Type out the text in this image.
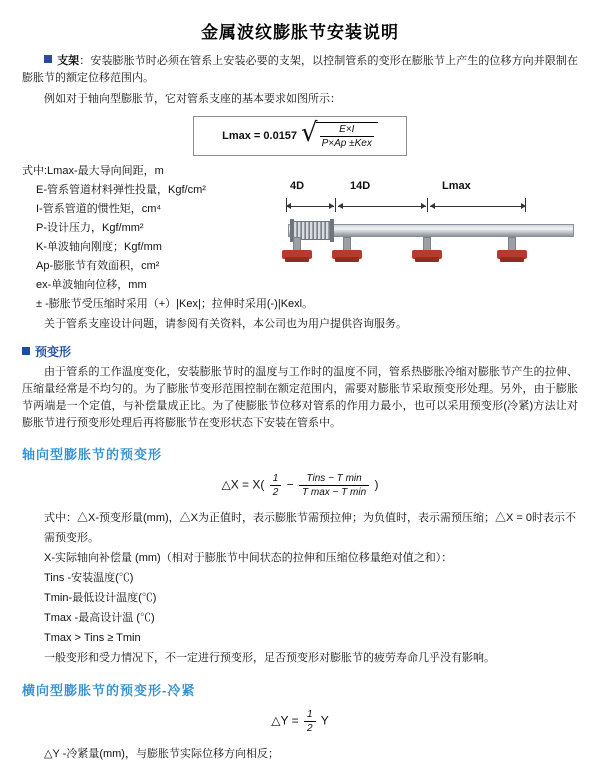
金属波纹膨胀节安装说明

支架：安装膨胀节时必须在管系上安装必要的支架，以控制管系的变形在膨胀节上产生的位移方向并限制在膨胀节的额定位移范围内。

例如对于轴向型膨胀节，它对管系支座的基本要求如图所示：

Lmax = 0.0157 √
$\frac{E\times I}{\text{P×Ap ±Kex}}$
式中:Lmax-最大导向间距，m
E-管系管道材料弹性投量，Kgf/cm²
I-管系管道的惯性矩，cm⁴
P-设计压力，Kgf/mm²
K-单波轴向刚度；Kgf/mm
Ap-膨胀节有效面积，cm²
ex-单波轴向位移，mm
± -膨胀节受压缩时采用（+）|Kex|；拉伸时采用(-)|Kexl。
4D	14D	Lmax

关于管系支座设计问题，请参阅有关资料，本公司也为用户提供咨询服务。

预变形

由于管系的工作温度变化，安装膨胀节时的温度与工作时的温度不同，管系热膨胀冷缩对膨胀节产生的拉伸、压缩量经常是不均匀的。为了膨胀节变形范围控制在额定范围内，需要对膨胀节采取预变形处理。另外，由于膨胀节两端是一个定值，与补偿量成正比。为了使膨胀节位移对管系的作用力最小，也可以采用预变形(冷紧)方法让对膨胀节进行预变形处理后再将膨胀节在变形状态下安装在管系中。

轴向型膨胀节的预变形
△X = $X( \frac{1}{2} - \frac{\text{Tins − T min}}{\text{T max − T min}}$ )
式中：△X-预变形量(mm)，△X为正值时，表示膨胀节需预拉伸；为负值时，表示需预压缩；△X = 0时表示不需预变形。
X-实际轴向补偿量 (mm)（相对于膨胀节中间状态的拉伸和压缩位移量绝对值之和）：
Tins -安装温度(℃)
Tmin-最低设计温度(℃)
Tmax -最高设计温 (℃)
Tmax > Tins ≥ Tmin
一般变形和受力情况下，不一定进行预变形，足否预变形对膨胀节的疲劳寿命几乎没有影响。
横向型膨胀节的预变形-冷紧
△Y = $\frac{1}{2}$ Y
△Y -冷紧量(mm)，与膨胀节实际位移方向相反；
